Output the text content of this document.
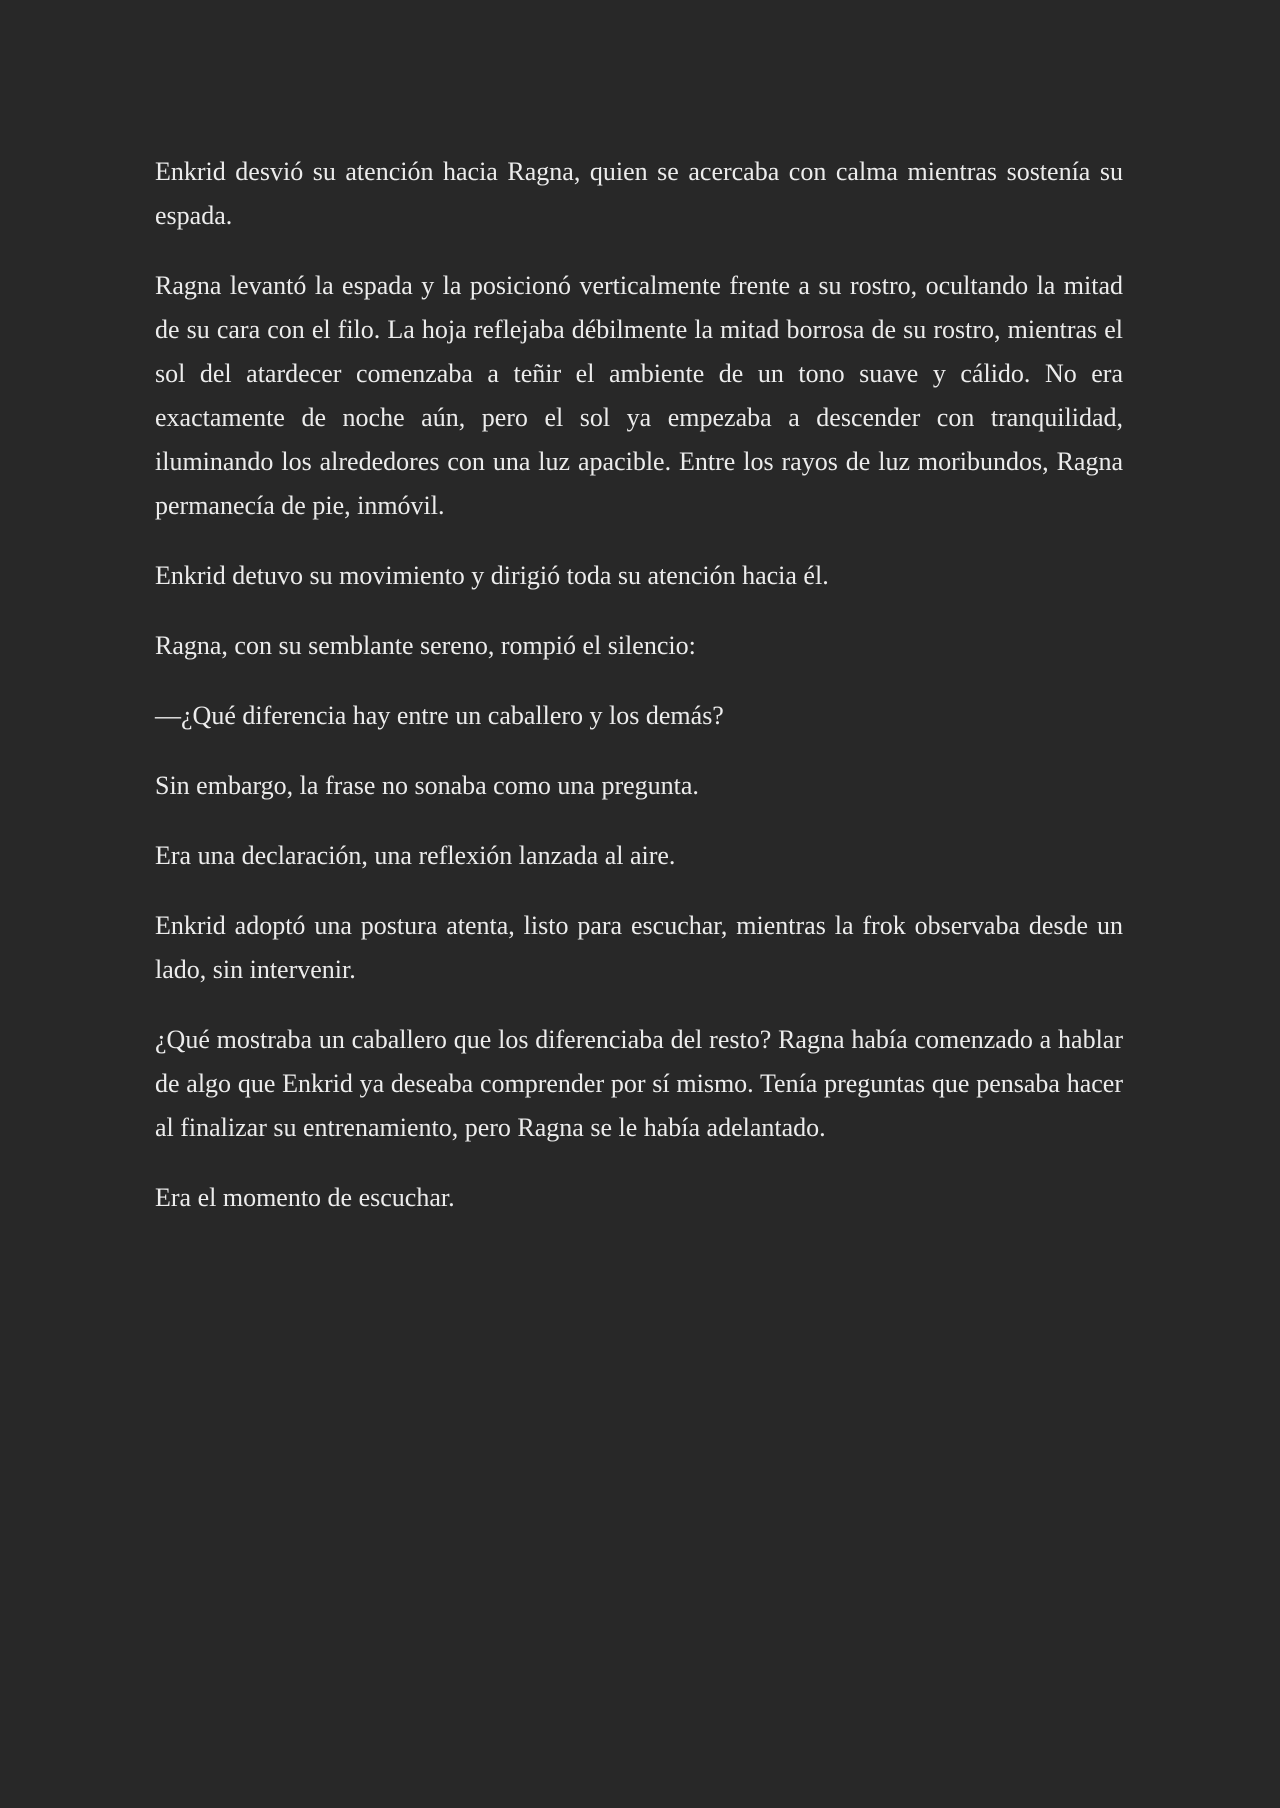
Enkrid desvió su atención hacia Ragna, quien se acercaba con calma mientras sostenía su espada.

Ragna levantó la espada y la posicionó verticalmente frente a su rostro, ocultando la mitad de su cara con el filo. La hoja reflejaba débilmente la mitad borrosa de su rostro, mientras el sol del atardecer comenzaba a teñir el ambiente de un tono suave y cálido. No era exactamente de noche aún, pero el sol ya empezaba a descender con tranquilidad, iluminando los alrededores con una luz apacible. Entre los rayos de luz moribundos, Ragna permanecía de pie, inmóvil.

Enkrid detuvo su movimiento y dirigió toda su atención hacia él.

Ragna, con su semblante sereno, rompió el silencio:

—¿Qué diferencia hay entre un caballero y los demás?

Sin embargo, la frase no sonaba como una pregunta.

Era una declaración, una reflexión lanzada al aire.

Enkrid adoptó una postura atenta, listo para escuchar, mientras la frok observaba desde un lado, sin intervenir.

¿Qué mostraba un caballero que los diferenciaba del resto? Ragna había comenzado a hablar de algo que Enkrid ya deseaba comprender por sí mismo. Tenía preguntas que pensaba hacer al finalizar su entrenamiento, pero Ragna se le había adelantado.

Era el momento de escuchar.
